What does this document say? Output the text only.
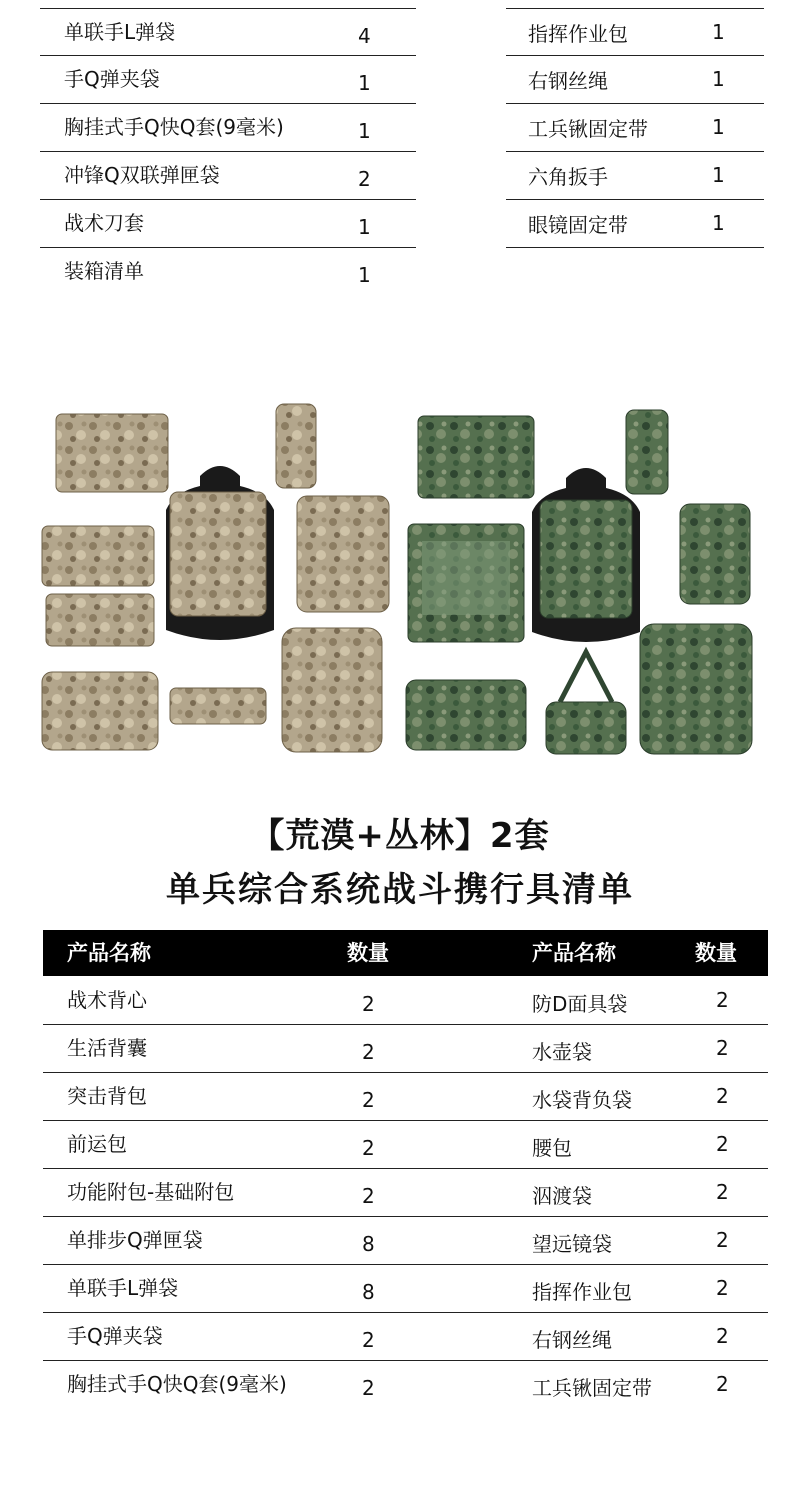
单联手L弹袋	4	指挥作业包	1
手Q弹夹袋	1	右钢丝绳	1
胸挂式手Q快Q套(9毫米)	1	工兵锹固定带	1
冲锋Q双联弹匣袋	2	六角扳手	1
战术刀套	1	眼镜固定带	1
装箱清单	1
【荒漠+丛林】2套
单兵综合系统战斗携行具清单
产品名称	数量	产品名称	数量
战术背心	2	防D面具袋	2
生活背囊	2	水壶袋	2
突击背包	2	水袋背负袋	2
前运包	2	腰包	2
功能附包-基础附包	2	泅渡袋	2
单排步Q弹匣袋	8	望远镜袋	2
单联手L弹袋	8	指挥作业包	2
手Q弹夹袋	2	右钢丝绳	2
胸挂式手Q快Q套(9毫米)	2	工兵锹固定带	2
